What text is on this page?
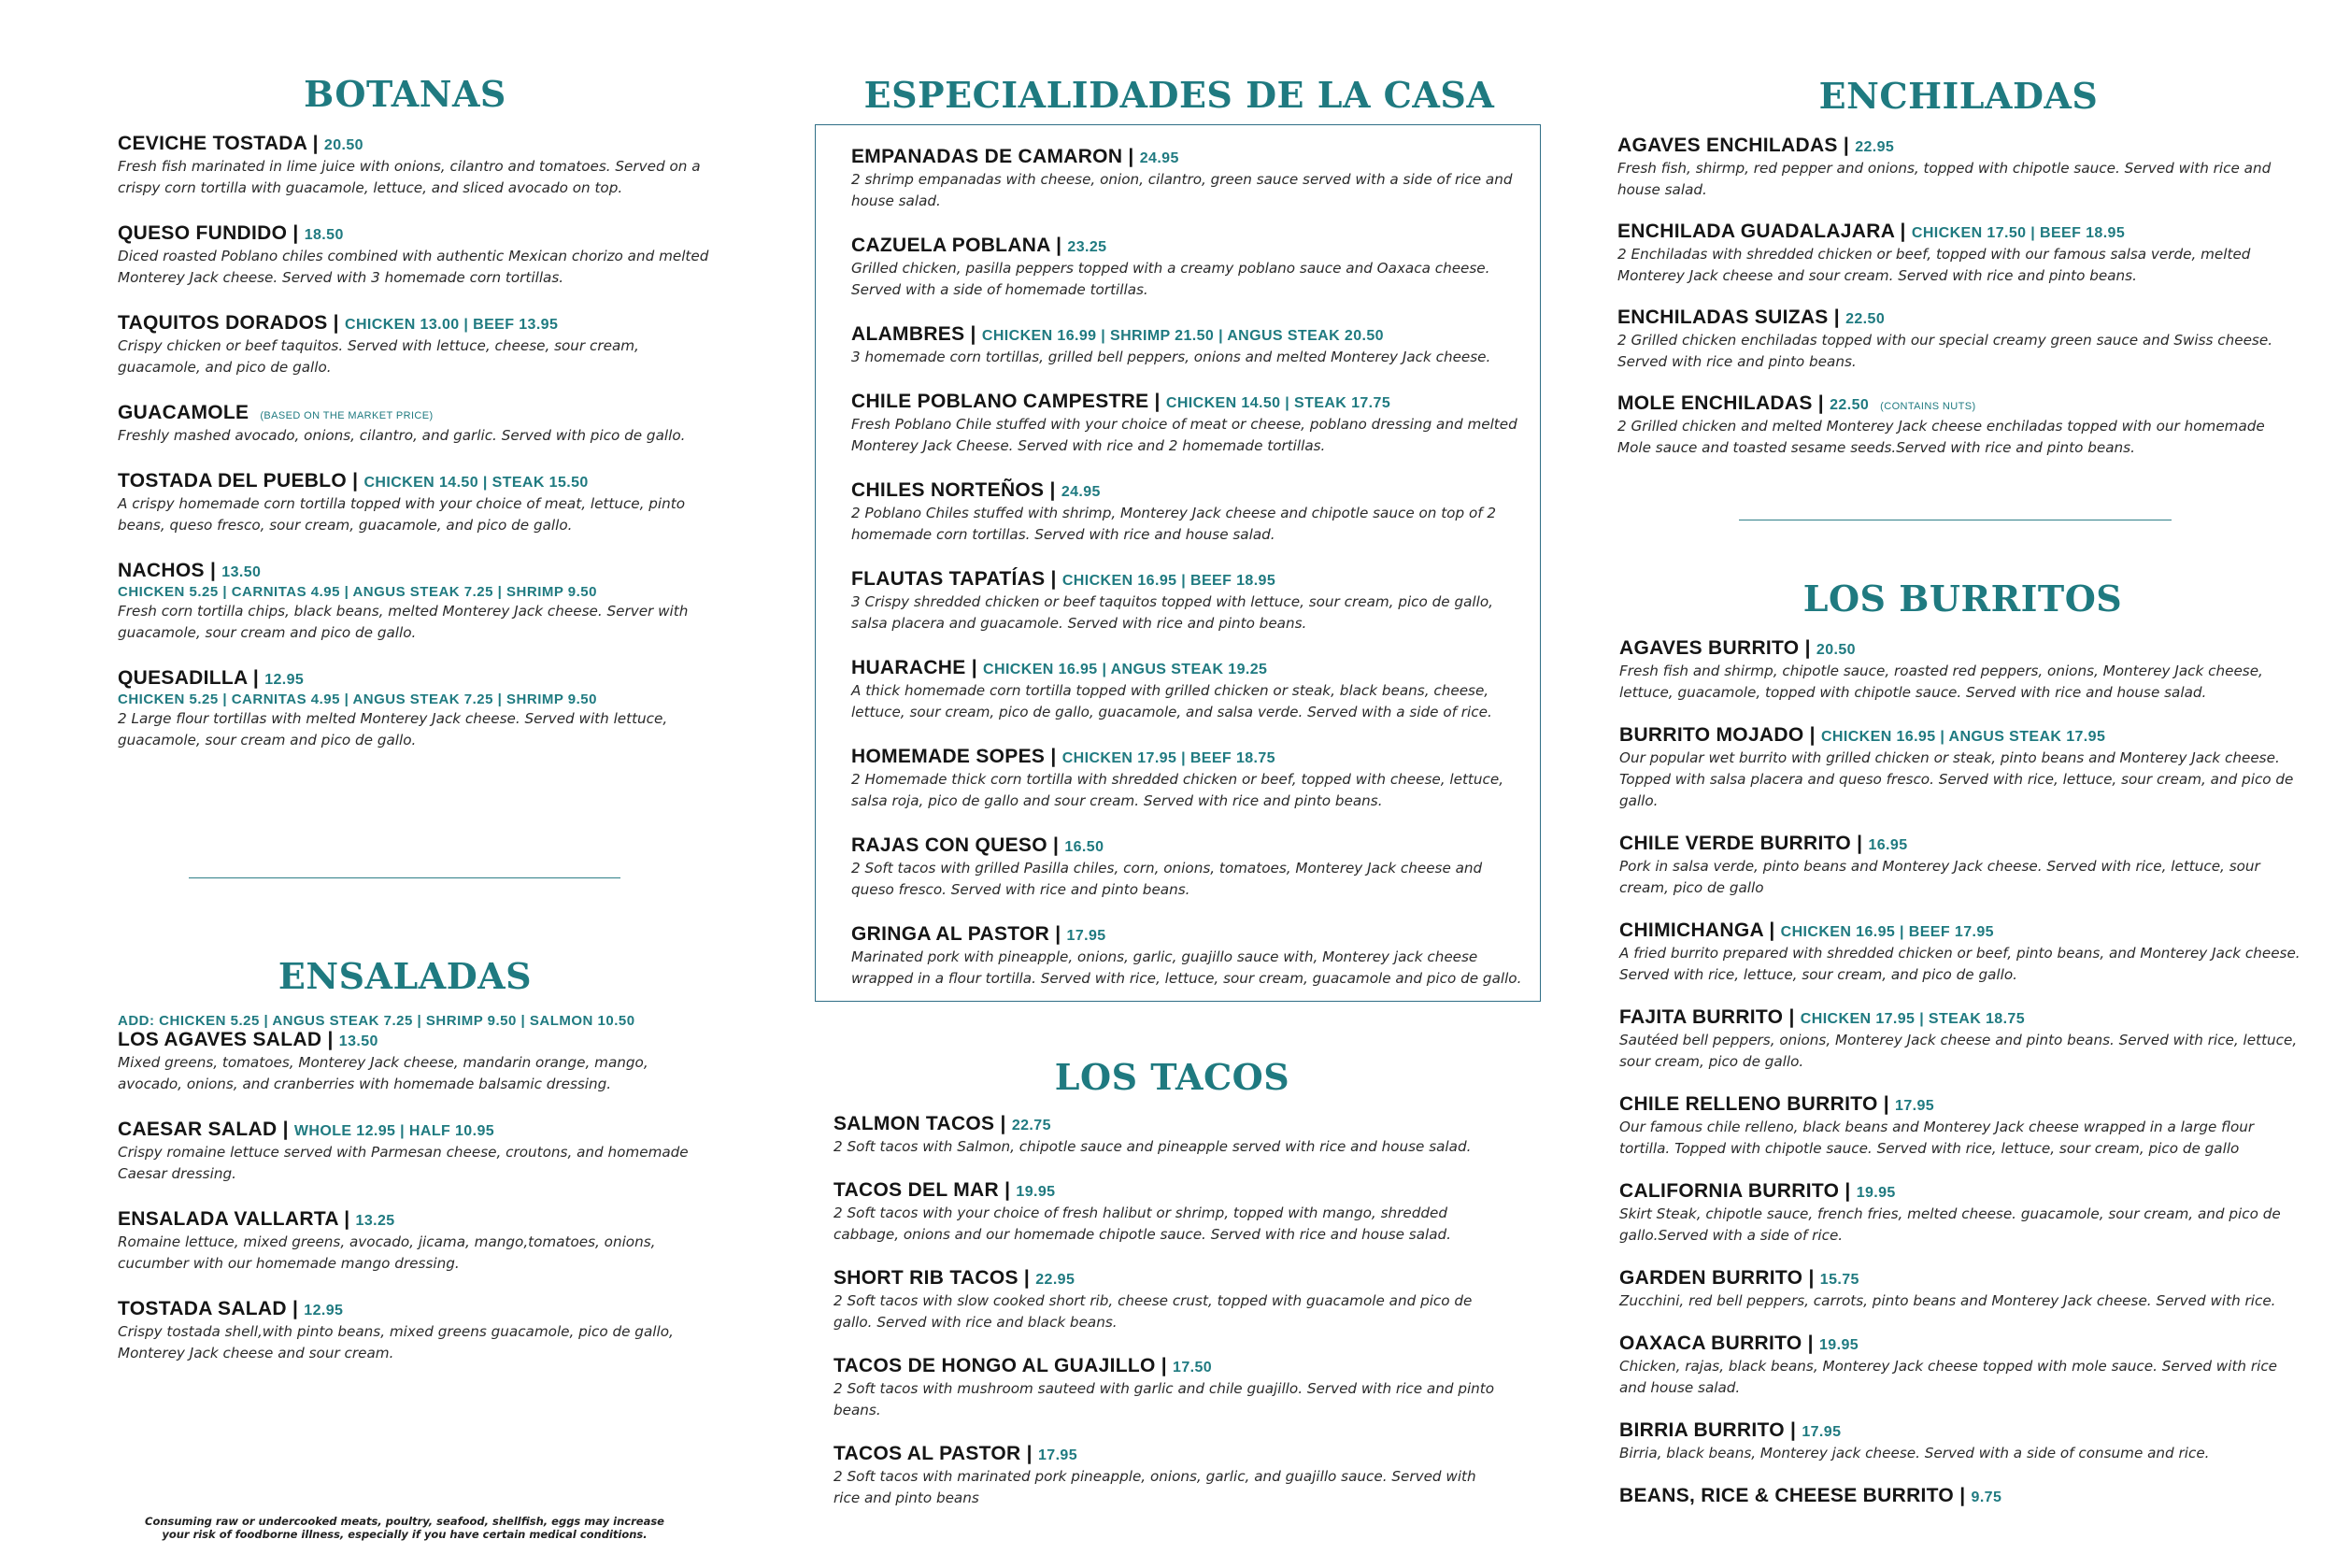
BOTANAS
CEVICHE TOSTADA | 20.50
Fresh fish marinated in lime juice with onions, cilantro and tomatoes. Served on a crispy corn tortilla with guacamole, lettuce, and sliced avocado on top.
QUESO FUNDIDO | 18.50
Diced roasted Poblano chiles combined with authentic Mexican chorizo and melted Monterey Jack cheese. Served with 3 homemade corn tortillas.
TAQUITOS DORADOS | CHICKEN 13.00 | BEEF 13.95
Crispy chicken or beef taquitos. Served with lettuce, cheese, sour cream, guacamole, and pico de gallo.
GUACAMOLE (BASED ON THE MARKET PRICE)
Freshly mashed avocado, onions, cilantro, and garlic. Served with pico de gallo.
TOSTADA DEL PUEBLO | CHICKEN 14.50 | STEAK 15.50
A crispy homemade corn tortilla topped with your choice of meat, lettuce, pinto beans, queso fresco, sour cream, guacamole, and pico de gallo.
NACHOS | 13.50
CHICKEN 5.25 | CARNITAS 4.95 | ANGUS STEAK 7.25 | SHRIMP 9.50
Fresh corn tortilla chips, black beans, melted Monterey Jack cheese. Server with guacamole, sour cream and pico de gallo.
QUESADILLA | 12.95
CHICKEN 5.25 | CARNITAS 4.95 | ANGUS STEAK 7.25 | SHRIMP 9.50
2 Large flour tortillas with melted Monterey Jack cheese. Served with lettuce, guacamole, sour cream and pico de gallo.
ENSALADAS
ADD: CHICKEN 5.25 | ANGUS STEAK 7.25 | SHRIMP 9.50 | SALMON 10.50
LOS AGAVES SALAD | 13.50
Mixed greens, tomatoes, Monterey Jack cheese, mandarin orange, mango, avocado, onions, and cranberries with homemade balsamic dressing.
CAESAR SALAD | WHOLE 12.95 | HALF 10.95
Crispy romaine lettuce served with Parmesan cheese, croutons, and homemade Caesar dressing.
ENSALADA VALLARTA | 13.25
Romaine lettuce, mixed greens, avocado, jicama, mango,tomatoes, onions, cucumber with our homemade mango dressing.
TOSTADA SALAD | 12.95
Crispy tostada shell,with pinto beans, mixed greens guacamole, pico de gallo, Monterey Jack cheese and sour cream.
Consuming raw or undercooked meats, poultry, seafood, shellfish, eggs may increase your risk of foodborne illness, especially if you have certain medical conditions.
ESPECIALIDADES DE LA CASA
EMPANADAS DE CAMARON | 24.95
2 shrimp empanadas with cheese, onion, cilantro, green sauce served with a side of rice and house salad.
CAZUELA POBLANA | 23.25
Grilled chicken, pasilla peppers topped with a creamy poblano sauce and Oaxaca cheese. Served with a side of homemade tortillas.
ALAMBRES | CHICKEN 16.99 | SHRIMP 21.50 | ANGUS STEAK 20.50
3 homemade corn tortillas, grilled bell peppers, onions and melted Monterey Jack cheese.
CHILE POBLANO CAMPESTRE | CHICKEN 14.50 | STEAK 17.75
Fresh Poblano Chile stuffed with your choice of meat or cheese, poblano dressing and melted Monterey Jack Cheese. Served with rice and 2 homemade tortillas.
CHILES NORTEÑOS | 24.95
2 Poblano Chiles stuffed with shrimp, Monterey Jack cheese and chipotle sauce on top of 2 homemade corn tortillas. Served with rice and house salad.
FLAUTAS TAPATÍAS | CHICKEN 16.95 | BEEF 18.95
3 Crispy shredded chicken or beef taquitos topped with lettuce, sour cream, pico de gallo, salsa placera and guacamole. Served with rice and pinto beans.
HUARACHE | CHICKEN 16.95 | ANGUS STEAK 19.25
A thick homemade corn tortilla topped with grilled chicken or steak, black beans, cheese, lettuce, sour cream, pico de gallo, guacamole, and salsa verde. Served with a side of rice.
HOMEMADE SOPES | CHICKEN 17.95 | BEEF 18.75
2 Homemade thick corn tortilla with shredded chicken or beef, topped with cheese, lettuce, salsa roja, pico de gallo and sour cream. Served with rice and pinto beans.
RAJAS CON QUESO | 16.50
2 Soft tacos with grilled Pasilla chiles, corn, onions, tomatoes, Monterey Jack cheese and queso fresco. Served with rice and pinto beans.
GRINGA AL PASTOR | 17.95
Marinated pork with pineapple, onions, garlic, guajillo sauce with, Monterey jack cheese wrapped in a flour tortilla. Served with rice, lettuce, sour cream, guacamole and pico de gallo.
LOS TACOS
SALMON TACOS | 22.75
2 Soft tacos with Salmon, chipotle sauce and pineapple served with rice and house salad.
TACOS DEL MAR | 19.95
2 Soft tacos with your choice of fresh halibut or shrimp, topped with mango, shredded cabbage, onions and our homemade chipotle sauce. Served with rice and house salad.
SHORT RIB TACOS | 22.95
2 Soft tacos with slow cooked short rib, cheese crust, topped with guacamole and pico de gallo. Served with rice and black beans.
TACOS DE HONGO AL GUAJILLO | 17.50
2 Soft tacos with mushroom sauteed with garlic and chile guajillo. Served with rice and pinto beans.
TACOS AL PASTOR | 17.95
2 Soft tacos with marinated pork pineapple, onions, garlic, and guajillo sauce. Served with rice and pinto beans
ENCHILADAS
AGAVES ENCHILADAS | 22.95
Fresh fish, shirmp, red pepper and onions, topped with chipotle sauce. Served with rice and house salad.
ENCHILADA GUADALAJARA | CHICKEN 17.50 | BEEF 18.95
2 Enchiladas with shredded chicken or beef, topped with our famous salsa verde, melted Monterey Jack cheese and sour cream. Served with rice and pinto beans.
ENCHILADAS SUIZAS | 22.50
2 Grilled chicken enchiladas topped with our special creamy green sauce and Swiss cheese. Served with rice and pinto beans.
MOLE ENCHILADAS | 22.50 (CONTAINS NUTS)
2 Grilled chicken and melted Monterey Jack cheese enchiladas topped with our homemade Mole sauce and toasted sesame seeds.Served with rice and pinto beans.
LOS BURRITOS
AGAVES BURRITO | 20.50
Fresh fish and shirmp, chipotle sauce, roasted red peppers, onions, Monterey Jack cheese, lettuce, guacamole, topped with chipotle sauce. Served with rice and house salad.
BURRITO MOJADO | CHICKEN 16.95 | ANGUS STEAK 17.95
Our popular wet burrito with grilled chicken or steak, pinto beans and Monterey Jack cheese. Topped with salsa placera and queso fresco. Served with rice, lettuce, sour cream, and pico de gallo.
CHILE VERDE BURRITO | 16.95
Pork in salsa verde, pinto beans and Monterey Jack cheese. Served with rice, lettuce, sour cream, pico de gallo
CHIMICHANGA | CHICKEN 16.95 | BEEF 17.95
A fried burrito prepared with shredded chicken or beef, pinto beans, and Monterey Jack cheese. Served with rice, lettuce, sour cream, and pico de gallo.
FAJITA BURRITO | CHICKEN 17.95 | STEAK 18.75
Sautéed bell peppers, onions, Monterey Jack cheese and pinto beans. Served with rice, lettuce, sour cream, pico de gallo.
CHILE RELLENO BURRITO | 17.95
Our famous chile relleno, black beans and Monterey Jack cheese wrapped in a large flour tortilla. Topped with chipotle sauce. Served with rice, lettuce, sour cream, pico de gallo
CALIFORNIA BURRITO | 19.95
Skirt Steak, chipotle sauce, french fries, melted cheese. guacamole, sour cream, and pico de gallo.Served with a side of rice.
GARDEN BURRITO | 15.75
Zucchini, red bell peppers, carrots, pinto beans and Monterey Jack cheese. Served with rice.
OAXACA BURRITO | 19.95
Chicken, rajas, black beans, Monterey Jack cheese topped with mole sauce. Served with rice and house salad.
BIRRIA BURRITO | 17.95
Birria, black beans, Monterey jack cheese. Served with a side of consume and rice.
BEANS, RICE & CHEESE BURRITO | 9.75
